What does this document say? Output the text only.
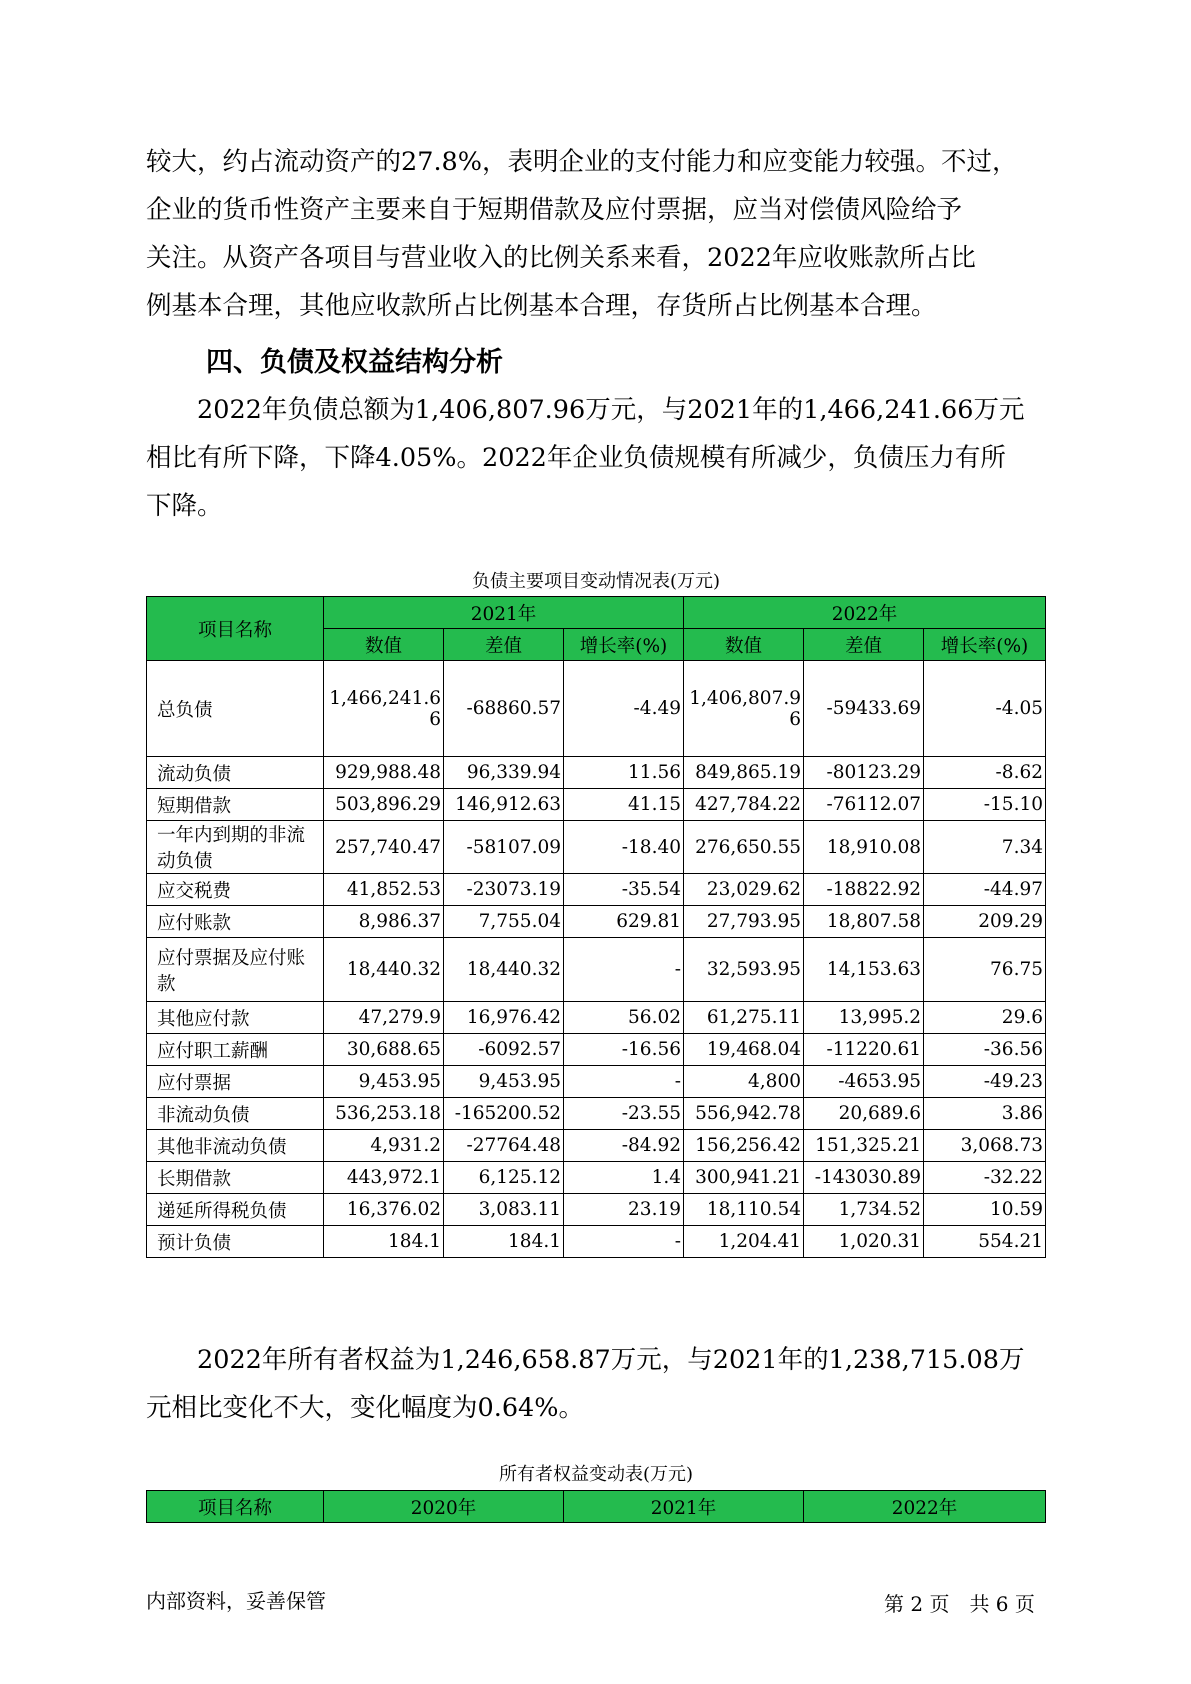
较大，约占流动资产的27.8%，表明企业的支付能力和应变能力较强。不过，
企业的货币性资产主要来自于短期借款及应付票据，应当对偿债风险给予
关注。从资产各项目与营业收入的比例关系来看，2022年应收账款所占比
例基本合理，其他应收款所占比例基本合理，存货所占比例基本合理。
四、负债及权益结构分析
　　2022年负债总额为1,406,807.96万元，与2021年的1,466,241.66万元
相比有所下降，下降4.05%。2022年企业负债规模有所减少，负债压力有所
下降。

负债主要项目变动情况表(万元)

项目名称	2021年			2022年		
	数值	差值	增长率(%)	数值	差值	增长率(%)
总负债	1,466,241.66	-68860.57	-4.49	1,406,807.96	-59433.69	-4.05
流动负债	929,988.48	96,339.94	11.56	849,865.19	-80123.29	-8.62
短期借款	503,896.29	146,912.63	41.15	427,784.22	-76112.07	-15.10
一年内到期的非流动负债	257,740.47	-58107.09	-18.40	276,650.55	18,910.08	7.34
应交税费	41,852.53	-23073.19	-35.54	23,029.62	-18822.92	-44.97
应付账款	8,986.37	7,755.04	629.81	27,793.95	18,807.58	209.29
应付票据及应付账款	18,440.32	18,440.32	-	32,593.95	14,153.63	76.75
其他应付款	47,279.9	16,976.42	56.02	61,275.11	13,995.2	29.6
应付职工薪酬	30,688.65	-6092.57	-16.56	19,468.04	-11220.61	-36.56
应付票据	9,453.95	9,453.95	-	4,800	-4653.95	-49.23
非流动负债	536,253.18	-165200.52	-23.55	556,942.78	20,689.6	3.86
其他非流动负债	4,931.2	-27764.48	-84.92	156,256.42	151,325.21	3,068.73
长期借款	443,972.1	6,125.12	1.4	300,941.21	-143030.89	-32.22
递延所得税负债	16,376.02	3,083.11	23.19	18,110.54	1,734.52	10.59
预计负债	184.1	184.1	-	1,204.41	1,020.31	554.21
　　2022年所有者权益为1,246,658.87万元，与2021年的1,238,715.08万
元相比变化不大，变化幅度为0.64%。

所有者权益变动表(万元)

项目名称	2020年	2021年	2022年
内部资料，妥善保管	第 2 页　共 6 页
